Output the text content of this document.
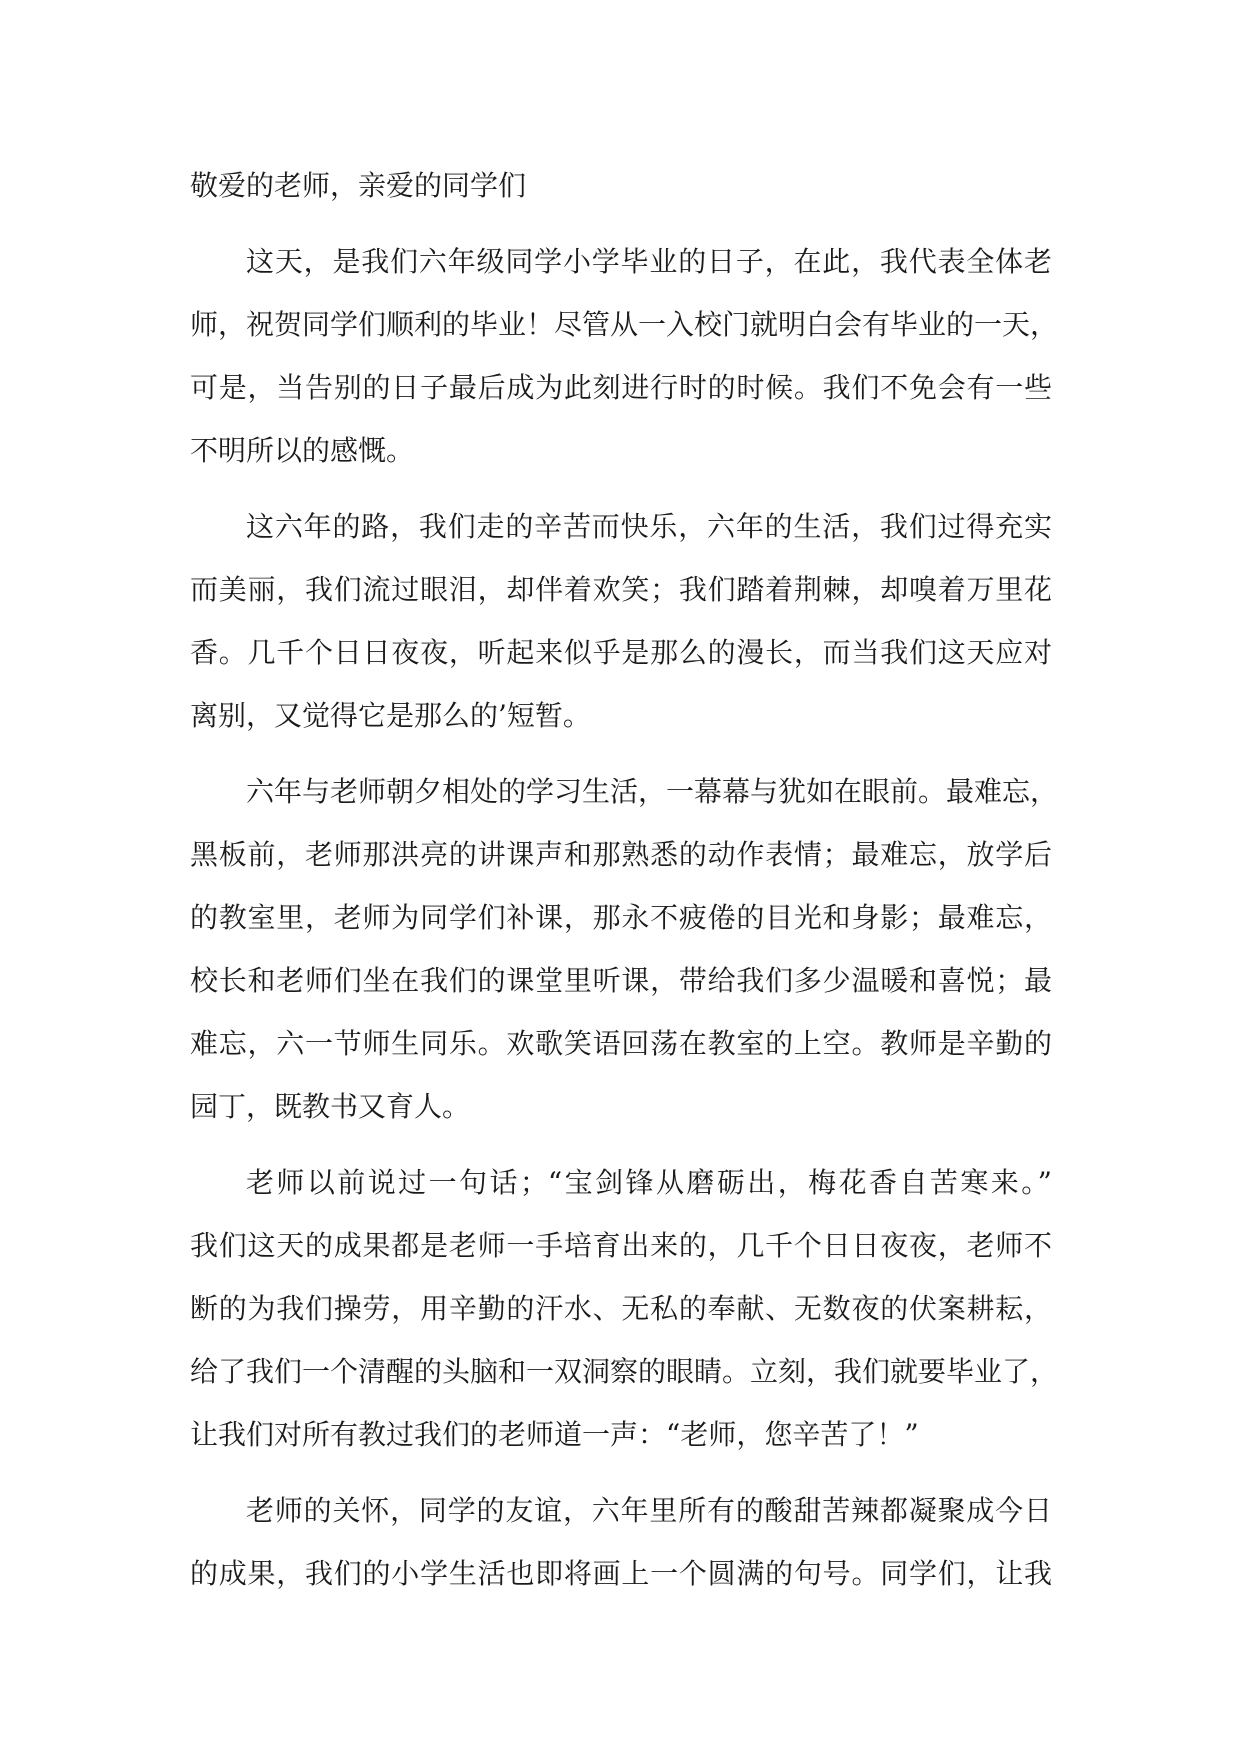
敬爱的老师，亲爱的同学们
这天，是我们六年级同学小学毕业的日子，在此，我代表全体老
师，祝贺同学们顺利的毕业！尽管从一入校门就明白会有毕业的一天，
可是，当告别的日子最后成为此刻进行时的时候。我们不免会有一些
不明所以的感慨。
这六年的路，我们走的辛苦而快乐，六年的生活，我们过得充实
而美丽，我们流过眼泪，却伴着欢笑；我们踏着荆棘，却嗅着万里花
香。几千个日日夜夜，听起来似乎是那么的漫长，而当我们这天应对
离别，又觉得它是那么的’短暂。
六年与老师朝夕相处的学习生活，一幕幕与犹如在眼前。最难忘，
黑板前，老师那洪亮的讲课声和那熟悉的动作表情；最难忘，放学后
的教室里，老师为同学们补课，那永不疲倦的目光和身影；最难忘，
校长和老师们坐在我们的课堂里听课，带给我们多少温暖和喜悦；最
难忘，六一节师生同乐。欢歌笑语回荡在教室的上空。教师是辛勤的
园丁，既教书又育人。
老师以前说过一句话；“宝剑锋从磨砺出，梅花香自苦寒来。”
我们这天的成果都是老师一手培育出来的，几千个日日夜夜，老师不
断的为我们操劳，用辛勤的汗水、无私的奉献、无数夜的伏案耕耘，
给了我们一个清醒的头脑和一双洞察的眼睛。立刻，我们就要毕业了，
让我们对所有教过我们的老师道一声：“老师，您辛苦了！”
老师的关怀，同学的友谊，六年里所有的酸甜苦辣都凝聚成今日
的成果，我们的小学生活也即将画上一个圆满的句号。同学们，让我
